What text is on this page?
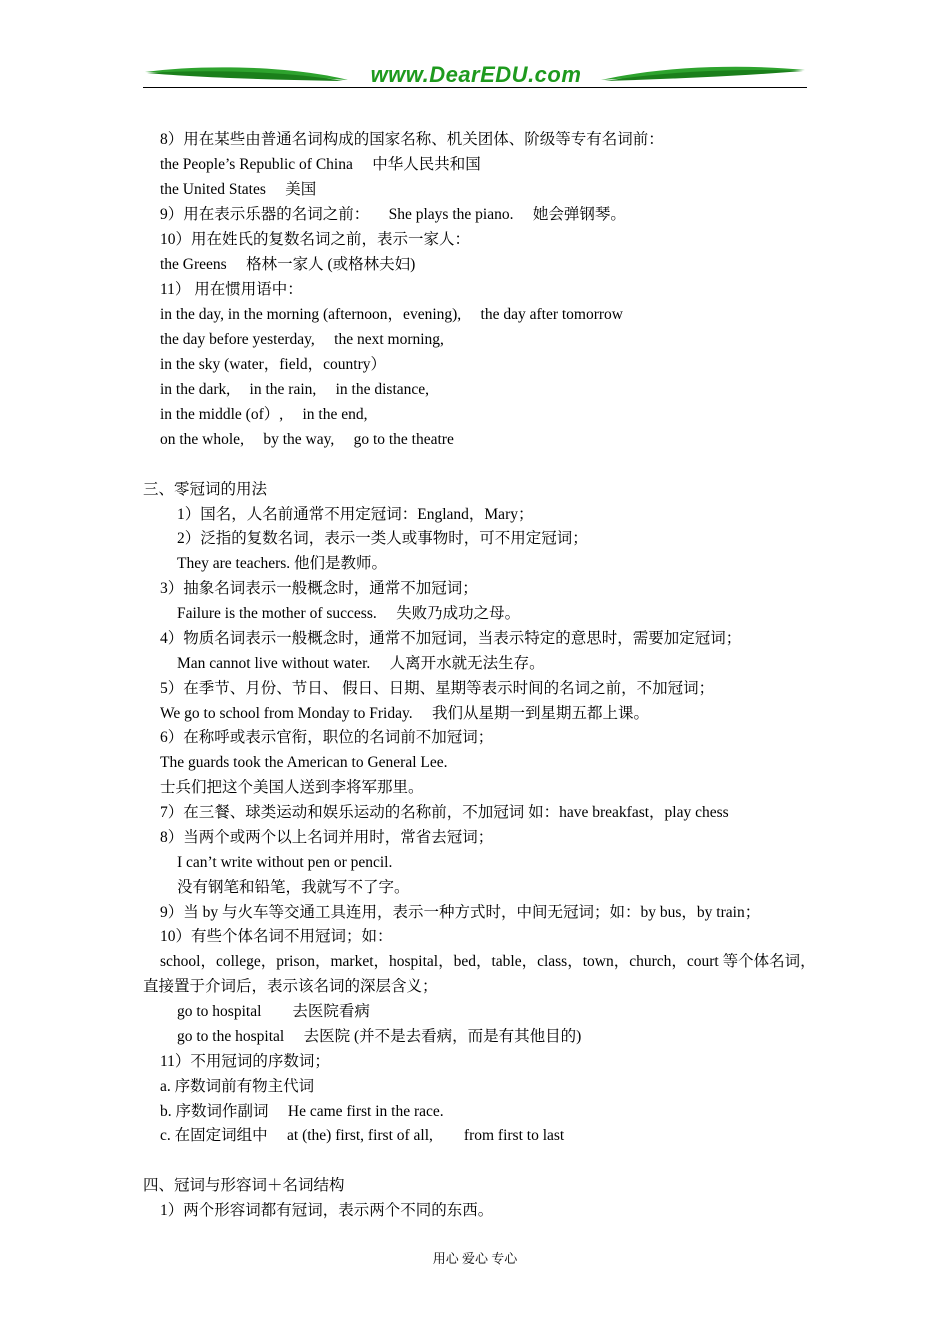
www.DearEDU.com
8）用在某些由普通名词构成的国家名称、机关团体、阶级等专有名词前：
the People’s Republic of China     中华人民共和国
the United States     美国
9）用在表示乐器的名词之前：     She plays the piano.     她会弹钢琴。
10）用在姓氏的复数名词之前，表示一家人：
the Greens     格林一家人 (或格林夫妇)
11） 用在惯用语中：
in the day, in the morning (afternoon，evening),     the day after tomorrow
the day before yesterday,     the next morning,
in the sky (water，field，country）
in the dark,     in the rain,     in the distance,
in the middle (of）,     in the end,
on the whole,     by the way,     go to the theatre
三、零冠词的用法
1）国名，人名前通常不用定冠词：England，Mary；
2）泛指的复数名词，表示一类人或事物时，可不用定冠词；
They are teachers. 他们是教师。
3）抽象名词表示一般概念时，通常不加冠词；
Failure is the mother of success.     失败乃成功之母。
4）物质名词表示一般概念时，通常不加冠词，当表示特定的意思时，需要加定冠词；
Man cannot live without water.     人离开水就无法生存。
5）在季节、月份、节日、 假日、日期、星期等表示时间的名词之前，不加冠词；
We go to school from Monday to Friday.     我们从星期一到星期五都上课。
6）在称呼或表示官衔，职位的名词前不加冠词；
The guards took the American to General Lee.
士兵们把这个美国人送到李将军那里。
7）在三餐、球类运动和娱乐运动的名称前，不加冠词 如：have breakfast，play chess
8）当两个或两个以上名词并用时，常省去冠词；
I can’t write without pen or pencil.
没有钢笔和铅笔，我就写不了字。
9）当 by 与火车等交通工具连用，表示一种方式时，中间无冠词；如：by bus，by train；
10）有些个体名词不用冠词；如：
school，college，prison，market，hospital，bed，table，class，town，church，court 等个体名词，
直接置于介词后，表示该名词的深层含义；
go to hospital        去医院看病
go to the hospital     去医院 (并不是去看病，而是有其他目的)
11）不用冠词的序数词；
a. 序数词前有物主代词
b. 序数词作副词     He came first in the race.
c. 在固定词组中     at (the) first, first of all,        from first to last
四、冠词与形容词＋名词结构
1）两个形容词都有冠词，表示两个不同的东西。
用心 爱心 专心
